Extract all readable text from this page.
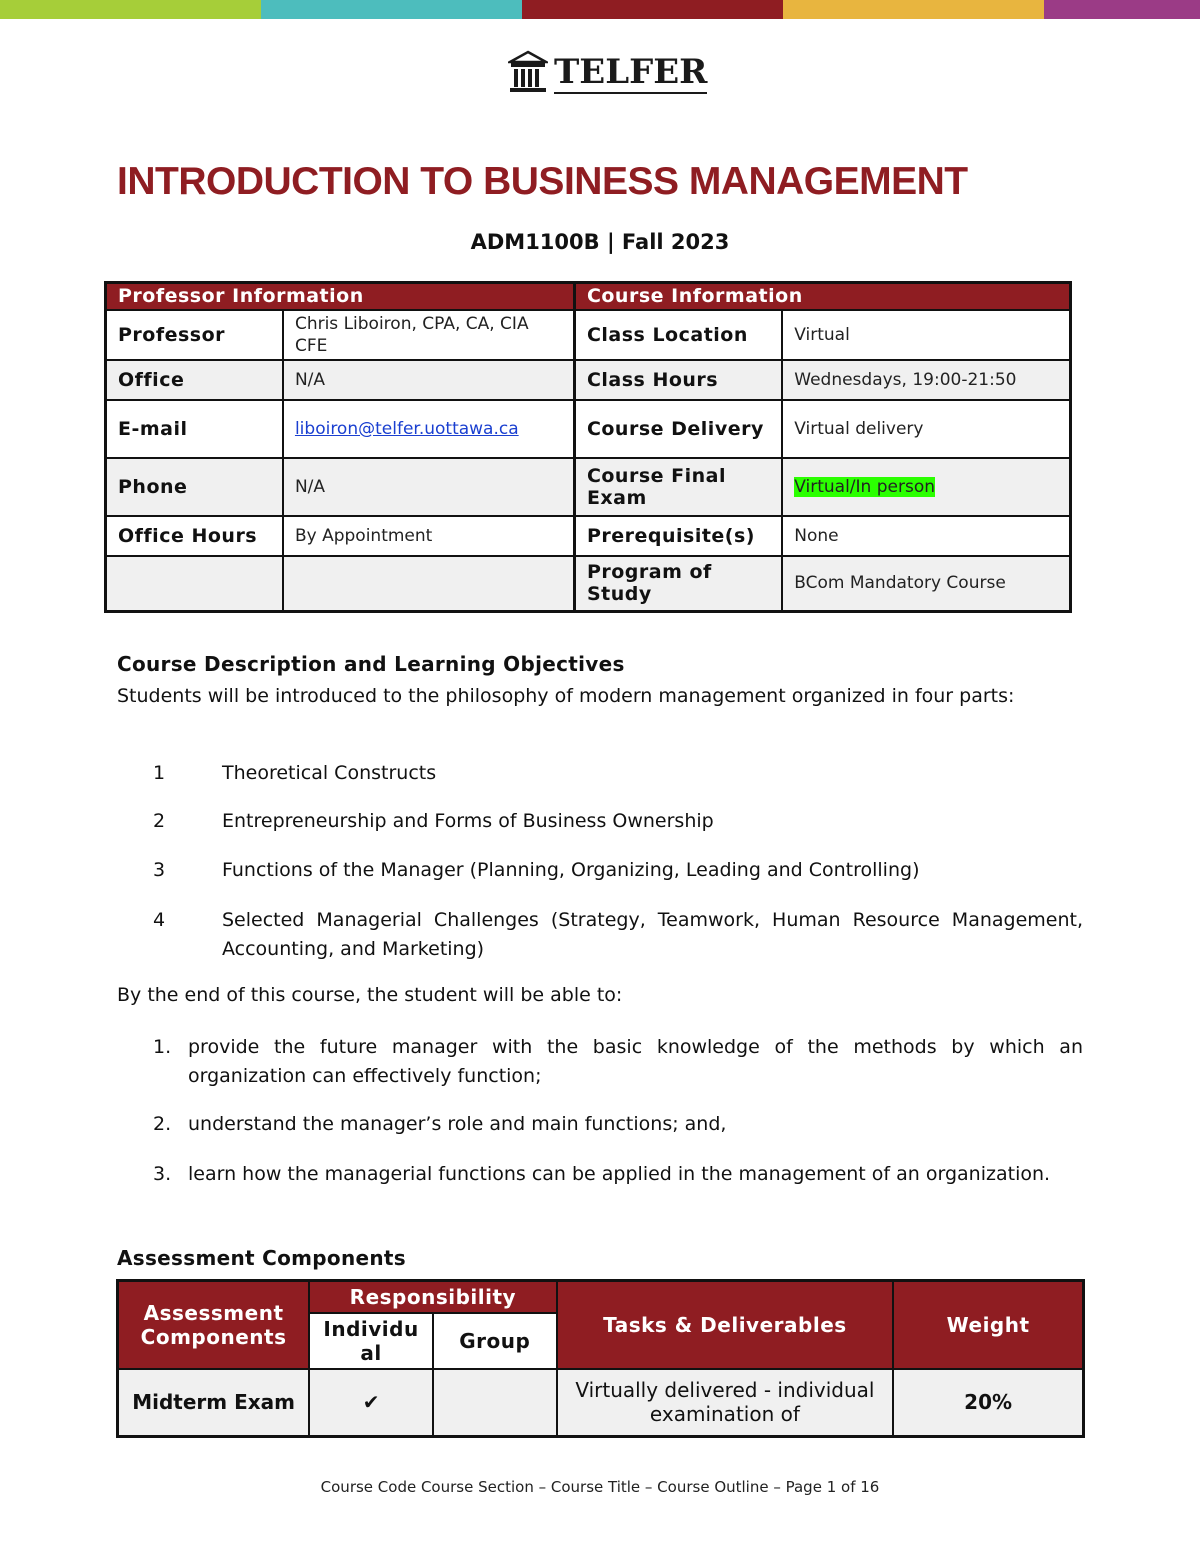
TELFER
INTRODUCTION TO BUSINESS MANAGEMENT
ADM1100B | Fall 2023
Professor Information		Course Information	
Professor	Chris Liboiron, CPA, CA, CIA CFE	Class Location	Virtual
Office	N/A	Class Hours	Wednesdays, 19:00-21:50
E-mail	liboiron@telfer.uottawa.ca	Course Delivery	Virtual delivery
Phone	N/A	Course Final Exam	Virtual/In person
Office Hours	By Appointment	Prerequisite(s)	None
		Program of Study	BCom Mandatory Course
Course Description and Learning Objectives
Students will be introduced to the philosophy of modern management organized in four parts:
1	Theoretical Constructs
2	Entrepreneurship and Forms of Business Ownership
3	Functions of the Manager (Planning, Organizing, Leading and Controlling)
4	Selected Managerial Challenges (Strategy, Teamwork, Human Resource Management, Accounting, and Marketing)
By the end of this course, the student will be able to:
1. provide the future manager with the basic knowledge of the methods by which an organization can effectively function;
2. understand the manager’s role and main functions; and,
3. learn how the managerial functions can be applied in the management of an organization.
Assessment Components
Assessment Components	Responsibility		Tasks & Deliverables	Weight
	Individu al	Group		
Midterm Exam	✔		Virtually delivered - individual examination of	20%
Course Code Course Section – Course Title – Course Outline – Page 1 of 16
